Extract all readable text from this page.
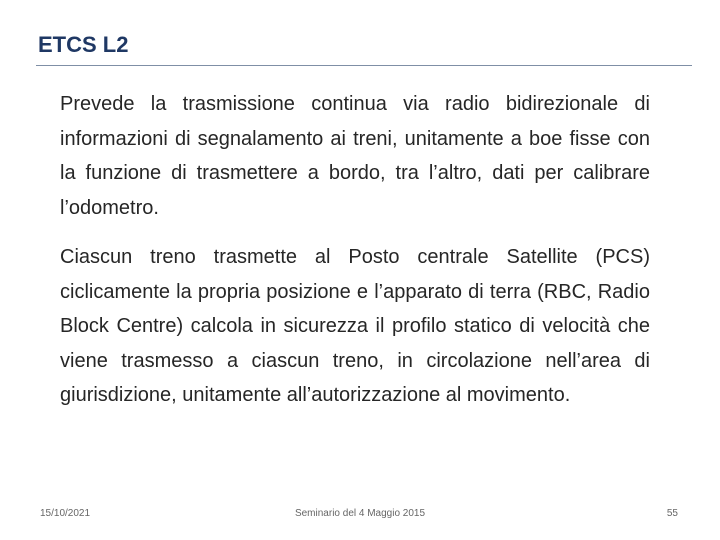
ETCS L2

Prevede la trasmissione continua via radio bidirezionale di informazioni di segnalamento ai treni, unitamente a boe fisse con la funzione di trasmettere a bordo, tra l’altro, dati per calibrare l’odometro.

Ciascun treno trasmette al Posto centrale Satellite (PCS) ciclicamente la propria posizione e l’apparato di terra (RBC, Radio Block Centre) calcola in sicurezza il profilo statico di velocità che viene trasmesso a ciascun treno, in circolazione nell’area di giurisdizione, unitamente all’autorizzazione al movimento.

15/10/2021	Seminario del 4 Maggio 2015	55
